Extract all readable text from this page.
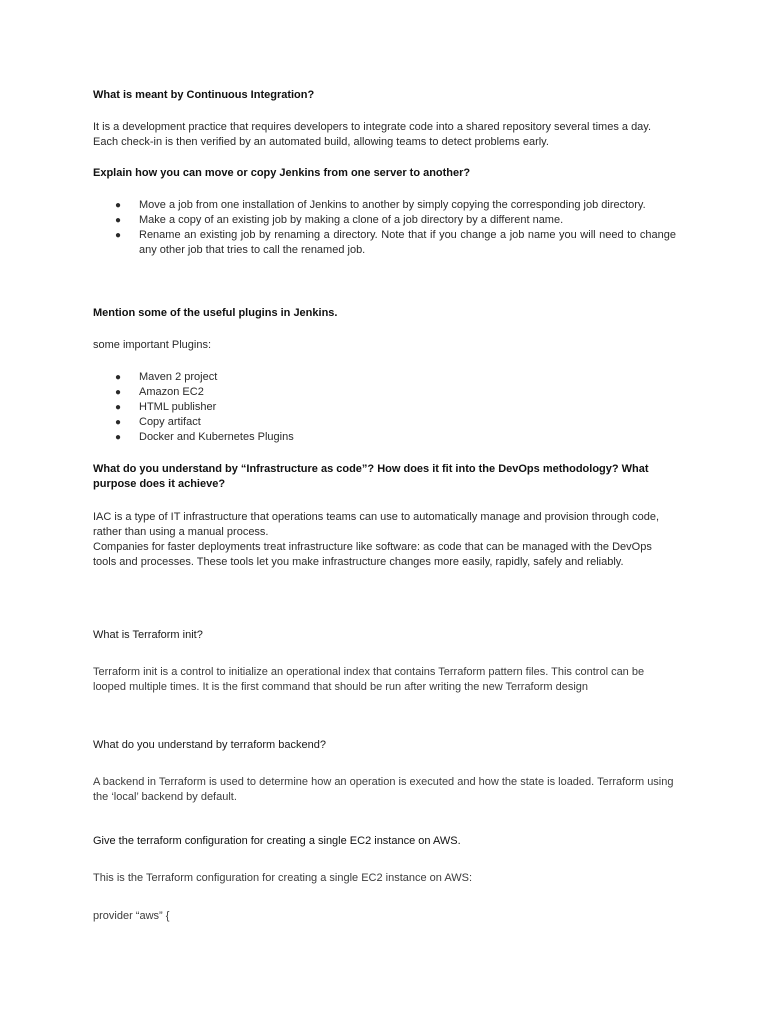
What is meant by Continuous Integration?

It is a development practice that requires developers to integrate code into a shared repository several times a day. Each check-in is then verified by an automated build, allowing teams to detect problems early.

Explain how you can move or copy Jenkins from one server to another?

● Move a job from one installation of Jenkins to another by simply copying the corresponding job directory.
● Make a copy of an existing job by making a clone of a job directory by a different name.
● Rename an existing job by renaming a directory. Note that if you change a job name you will need to change any other job that tries to call the renamed job.

Mention some of the useful plugins in Jenkins.

some important Plugins:

● Maven 2 project
● Amazon EC2
● HTML publisher
● Copy artifact
● Docker and Kubernetes Plugins

What do you understand by “Infrastructure as code”? How does it fit into the DevOps methodology? What purpose does it achieve?

IAC is a type of IT infrastructure that operations teams can use to automatically manage and provision through code, rather than using a manual process.

Companies for faster deployments treat infrastructure like software: as code that can be managed with the DevOps tools and processes. These tools let you make infrastructure changes more easily, rapidly, safely and reliably.

What is Terraform init?

Terraform init is a control to initialize an operational index that contains Terraform pattern files. This control can be looped multiple times. It is the first command that should be run after writing the new Terraform design

What do you understand by terraform backend?

A backend in Terraform is used to determine how an operation is executed and how the state is loaded. Terraform using the ‘local’ backend by default.

Give the terraform configuration for creating a single EC2 instance on AWS.

This is the Terraform configuration for creating a single EC2 instance on AWS:

provider “aws” {
